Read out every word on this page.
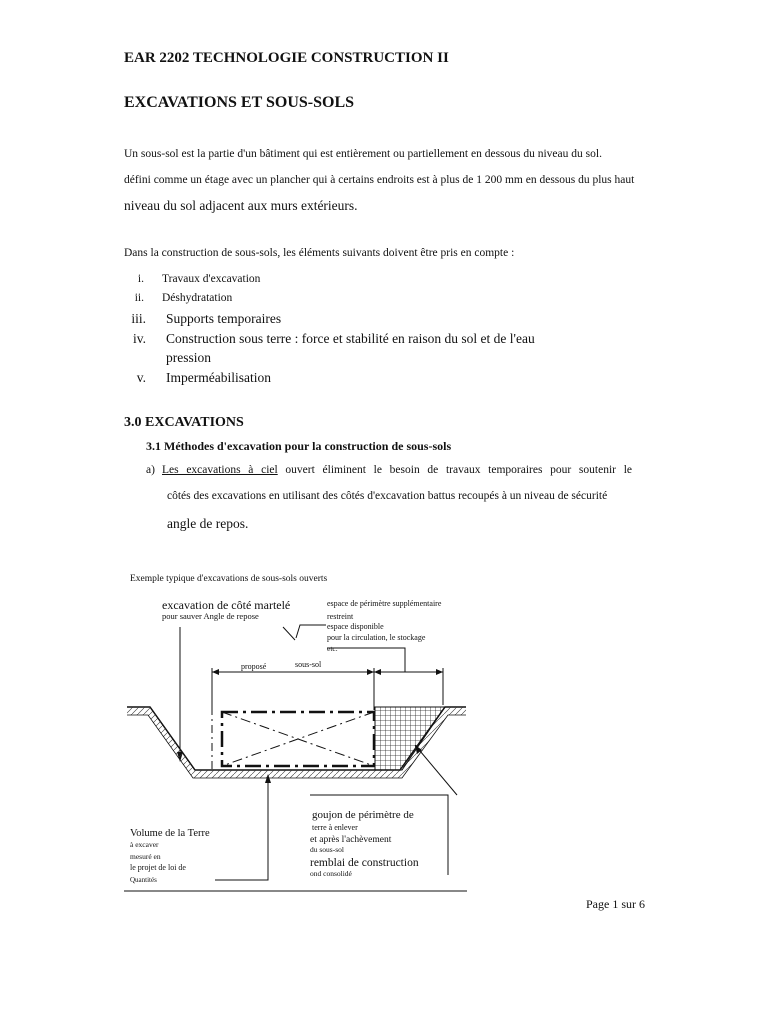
EAR 2202 TECHNOLOGIE CONSTRUCTION II
EXCAVATIONS ET SOUS-SOLS
Un sous-sol est la partie d'un bâtiment qui est entièrement ou partiellement en dessous du niveau du sol.
défini comme un étage avec un plancher qui à certains endroits est à plus de 1 200 mm en dessous du plus haut
niveau du sol adjacent aux murs extérieurs.
Dans la construction de sous-sols, les éléments suivants doivent être pris en compte :
i. Travaux d'excavation
ii. Déshydratation
iii. Supports temporaires
iv. Construction sous terre : force et stabilité en raison du sol et de l'eau
pression
v. Imperméabilisation
3.0 EXCAVATIONS
3.1 Méthodes d'excavation pour la construction de sous-sols
a) Les excavations à ciel ouvert éliminent le besoin de travaux temporaires pour soutenir le
côtés des excavations en utilisant des côtés d'excavation battus recoupés à un niveau de sécurité
angle de repos.
Exemple typique d'excavations de sous-sols ouverts
excavation de côté martelé
pour sauver Angle de repose
espace de périmètre supplémentaire
restreint
espace disponible
pour la circulation, le stockage
etc.
proposé	sous-sol
Volume de la Terre
à excaver
mesuré en
le projet de loi de
Quantités
goujon de périmètre de
terre à enlever
et après l'achèvement
du sous-sol
remblai de construction
ond consolidé
Page 1 sur 6
